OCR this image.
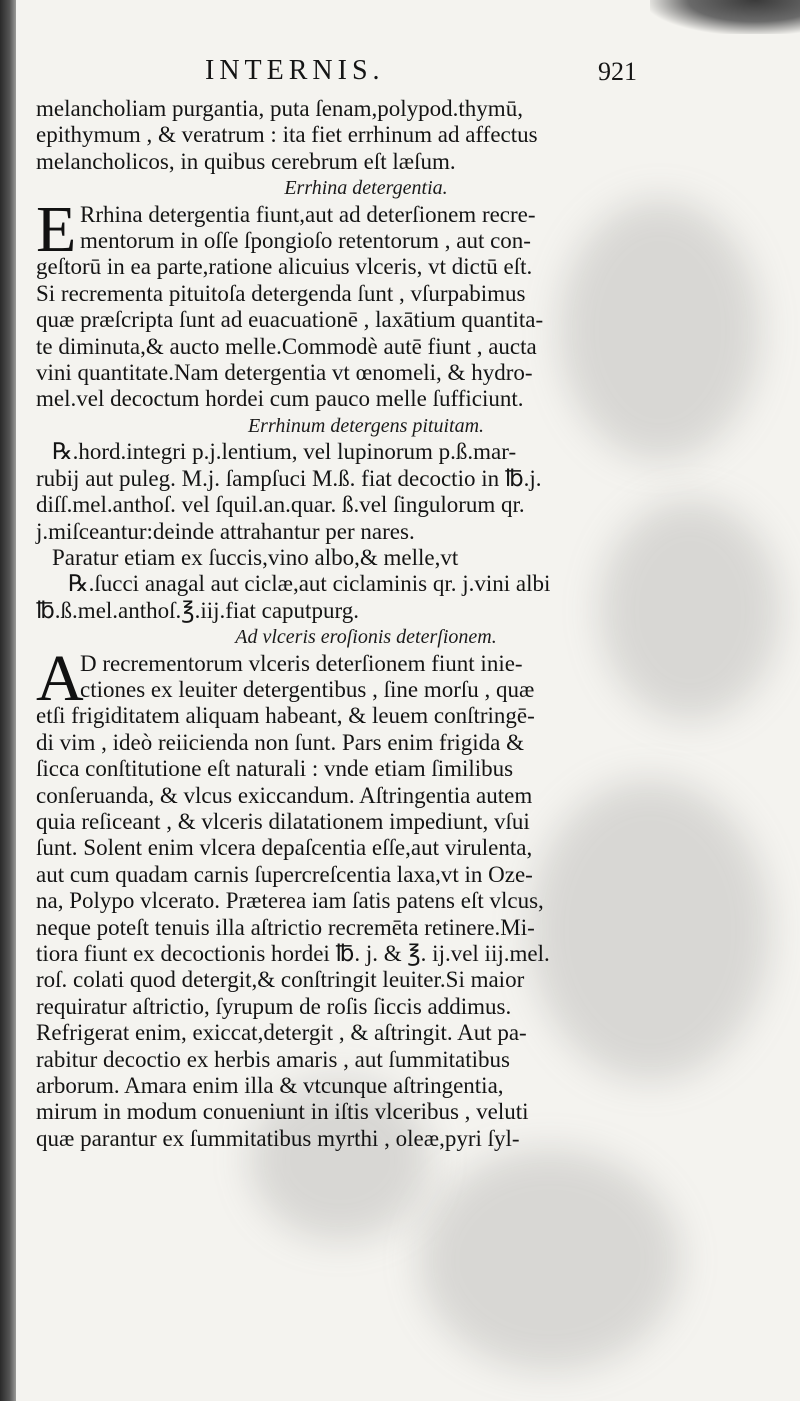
INTERNIS.	921
melancholiam purgantia, puta ſenam,polypod.thymū,
epithymum , & veratrum : ita fiet errhinum ad affectus
melancholicos, in quibus cerebrum eſt læſum.
Errhina detergentia.
E Rrhina detergentia fiunt,aut ad deterſionem recre-
mentorum in oſſe ſpongioſo retentorum , aut con-
geſtorū in ea parte,ratione alicuius vlceris, vt dictū eſt.
Si recrementa pituitoſa detergenda ſunt , vſurpabimus
quæ præſcripta ſunt ad euacuationē , laxātium quantita-
te diminuta,& aucto melle.Commodè autē fiunt , aucta
vini quantitate.Nam detergentia vt œnomeli, & hydro-
mel.vel decoctum hordei cum pauco melle ſufficiunt.
Errhinum detergens pituitam.
℞.hord.integri p.j.lentium, vel lupinorum p.ß.mar-
rubij aut puleg. M.j. ſampſuci M.ß. fiat decoctio in ℔.j.
diſſ.mel.anthoſ. vel ſquil.an.quar. ß.vel ſingulorum qr.
j.miſceantur:deinde attrahantur per nares.
Paratur etiam ex ſuccis,vino albo,& melle,vt
℞.ſucci anagal aut ciclæ,aut ciclaminis qr. j.vini albi
℔.ß.mel.anthoſ.℥.iij.fiat caputpurg.
Ad vlceris eroſionis deterſionem.
A
D recrementorum vlceris deterſionem fiunt inie-
ctiones ex leuiter detergentibus , ſine morſu , quæ
etſi frigiditatem aliquam habeant, & leuem conſtringē-
di vim , ideò reiicienda non ſunt. Pars enim frigida &
ſicca conſtitutione eſt naturali : vnde etiam ſimilibus
conſeruanda, & vlcus exiccandum. Aſtringentia autem
quia reſiceant , & vlceris dilatationem impediunt, vſui
ſunt. Solent enim vlcera depaſcentia eſſe,aut virulenta,
aut cum quadam carnis ſupercreſcentia laxa,vt in Oze-
na, Polypo vlcerato. Præterea iam ſatis patens eſt vlcus,
neque poteſt tenuis illa aſtrictio recremēta retinere.Mi-
tiora fiunt ex decoctionis hordei ℔. j. & ℥. ij.vel iij.mel.
roſ. colati quod detergit,& conſtringit leuiter.Si maior
requiratur aſtrictio, ſyrupum de roſis ſiccis addimus.
Refrigerat enim, exiccat,detergit , & aſtringit. Aut pa-
rabitur decoctio ex herbis amaris , aut ſummitatibus
arborum. Amara enim illa & vtcunque aſtringentia,
mirum in modum conueniunt in iſtis vlceribus , veluti
quæ parantur ex ſummitatibus myrthi , oleæ,pyri ſyl-
